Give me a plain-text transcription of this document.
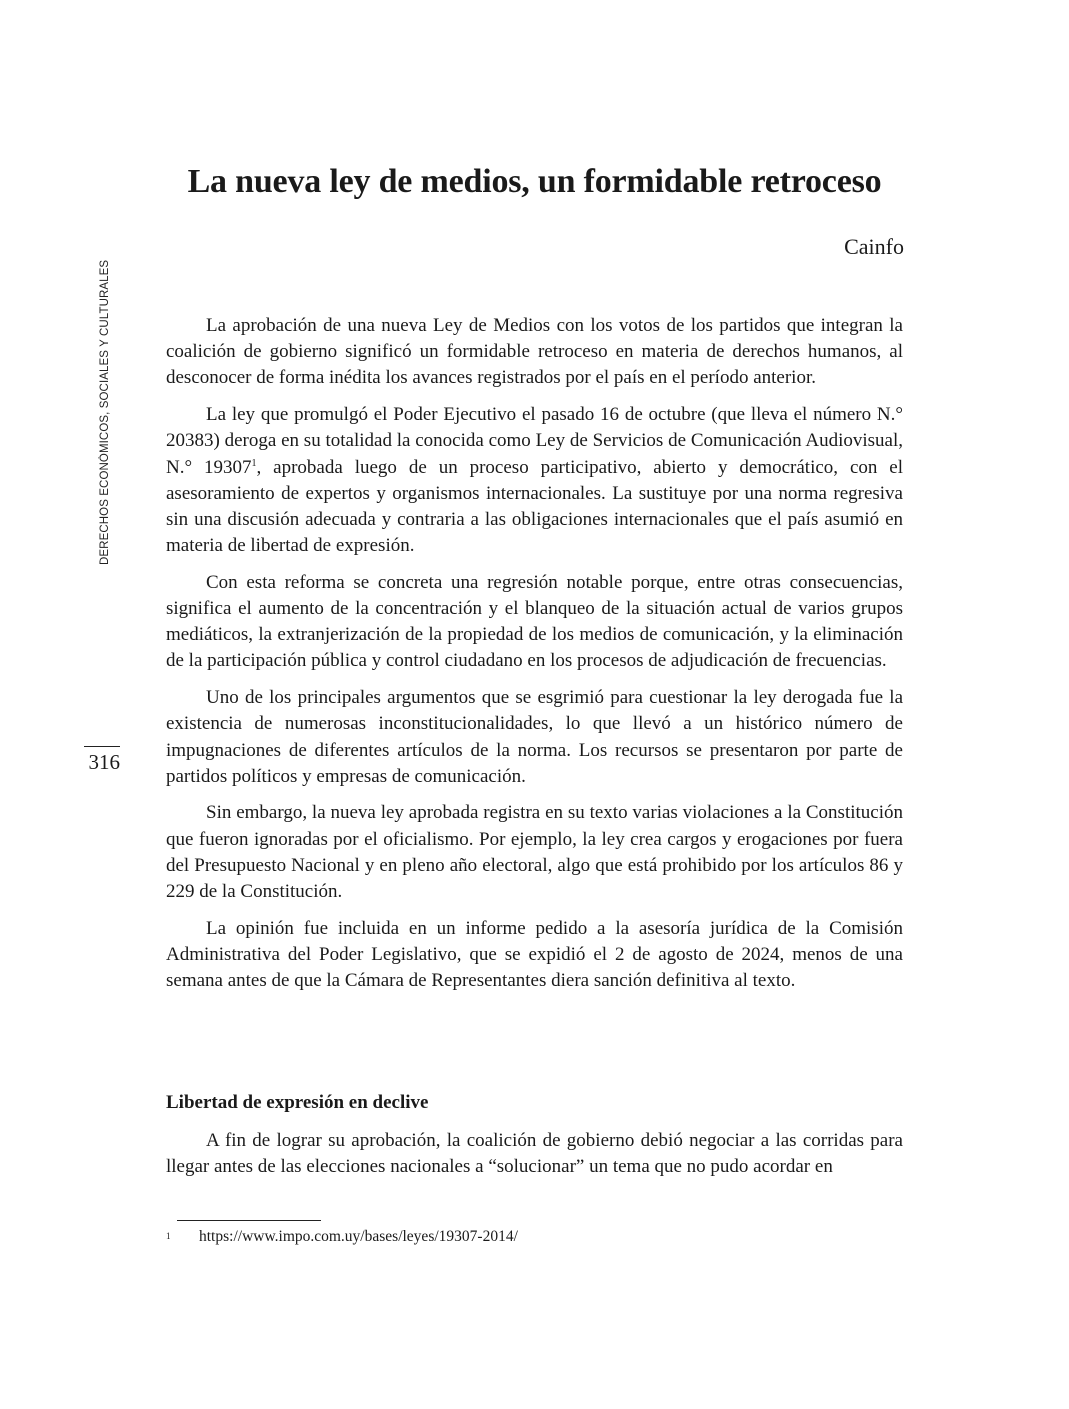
DERECHOS ECONÓMICOS, SOCIALES Y CULTURALES
316
La nueva ley de medios, un formidable retroceso
Cainfo

La aprobación de una nueva Ley de Medios con los votos de los partidos que integran la coalición de gobierno significó un formidable retroceso en materia de derechos humanos, al desconocer de forma inédita los avances registrados por el país en el período anterior.

La ley que promulgó el Poder Ejecutivo el pasado 16 de octubre (que lleva el número N.° 20383) deroga en su totalidad la conocida como Ley de Servicios de Comunicación Audiovisual, N.° 19307$^1$, aprobada luego de un proceso participativo, abierto y democrático, con el asesoramiento de expertos y organismos internacionales. La sustituye por una norma regresiva sin una discusión adecuada y contraria a las obligaciones internacionales que el país asumió en materia de libertad de expresión.

Con esta reforma se concreta una regresión notable porque, entre otras consecuencias, significa el aumento de la concentración y el blanqueo de la situación actual de varios grupos mediáticos, la extranjerización de la propiedad de los medios de comunicación, y la eliminación de la participación pública y control ciudadano en los procesos de adjudicación de frecuencias.

Uno de los principales argumentos que se esgrimió para cuestionar la ley derogada fue la existencia de numerosas inconstitucionalidades, lo que llevó a un histórico número de impugnaciones de diferentes artículos de la norma. Los recursos se presentaron por parte de partidos políticos y empresas de comunicación.

Sin embargo, la nueva ley aprobada registra en su texto varias violaciones a la Constitución que fueron ignoradas por el oficialismo. Por ejemplo, la ley crea cargos y erogaciones por fuera del Presupuesto Nacional y en pleno año electoral, algo que está prohibido por los artículos 86 y 229 de la Constitución.

La opinión fue incluida en un informe pedido a la asesoría jurídica de la Comisión Administrativa del Poder Legislativo, que se expidió el 2 de agosto de 2024, menos de una semana antes de que la Cámara de Representantes diera sanción definitiva al texto.

Libertad de expresión en declive

A fin de lograr su aprobación, la coalición de gobierno debió negociar a las corridas para llegar antes de las elecciones nacionales a “solucionar” un tema que no pudo acordar en

1 https://www.impo.com.uy/bases/leyes/19307-2014/
